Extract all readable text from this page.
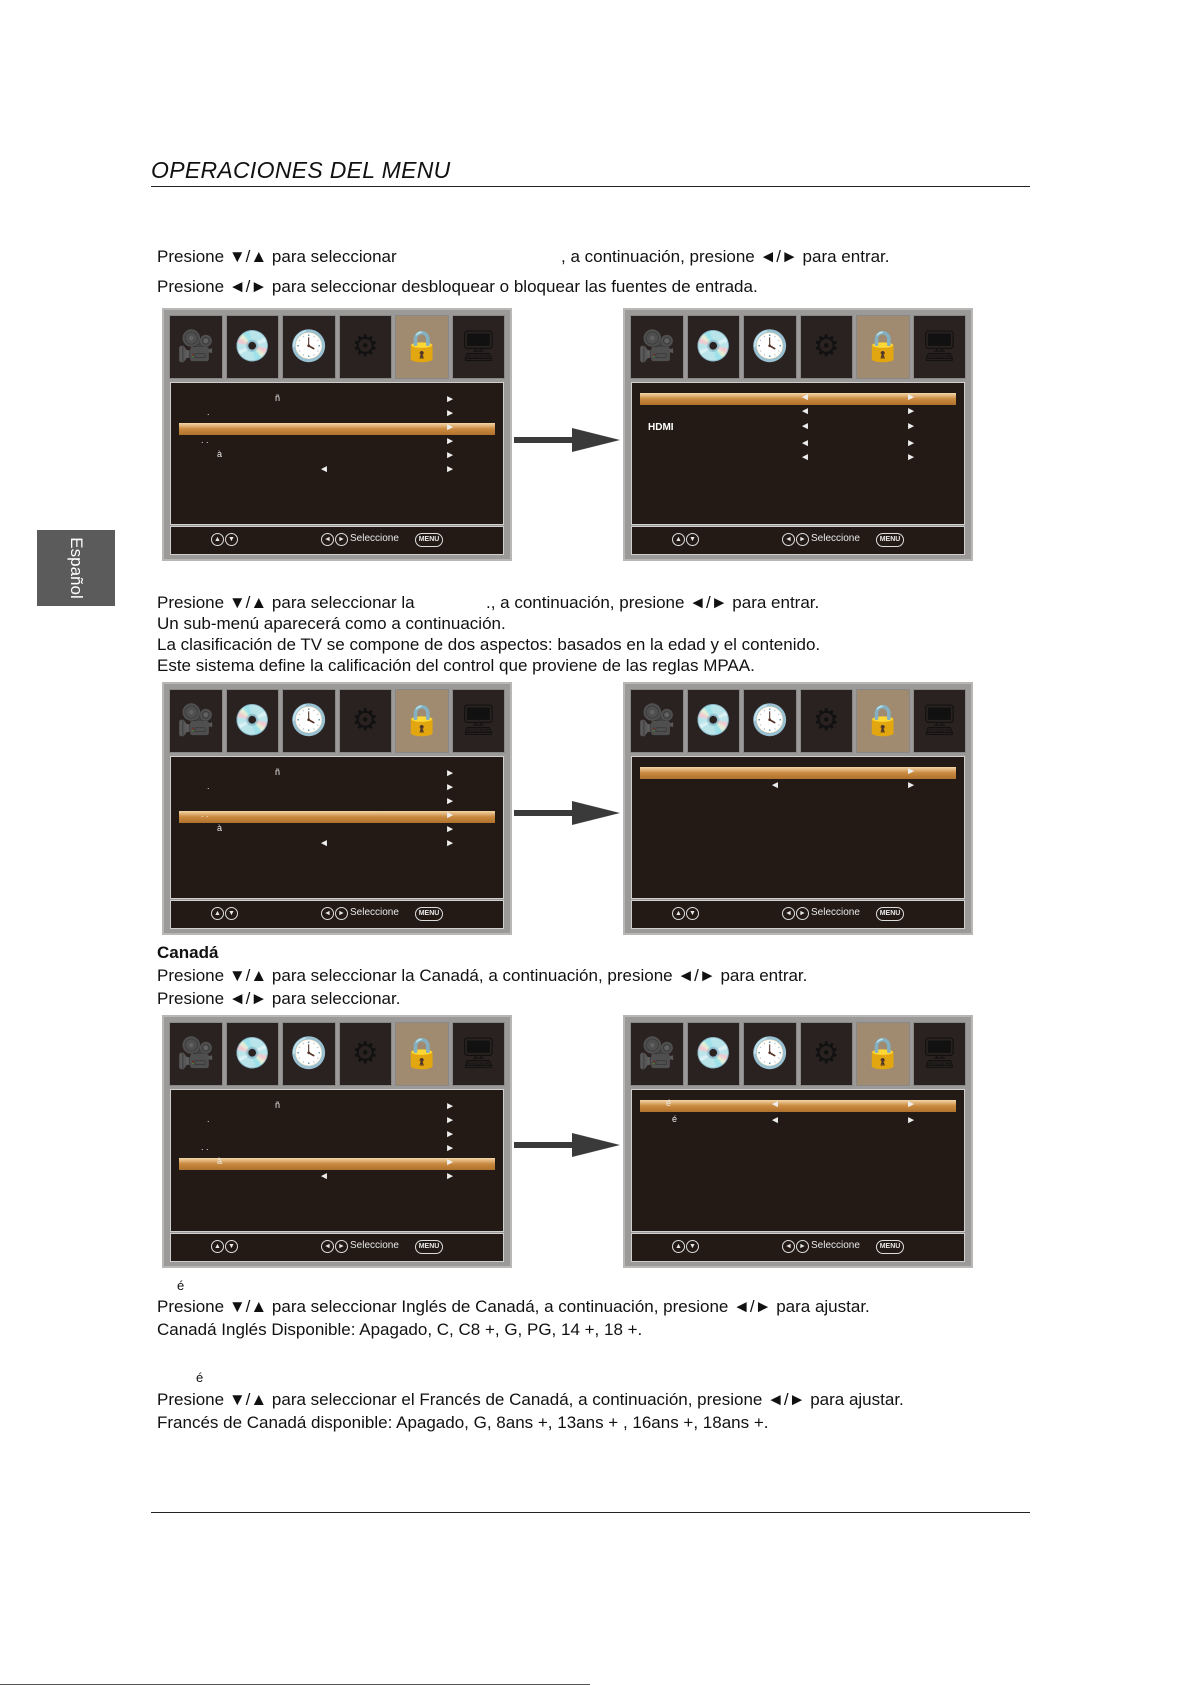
OPERACIONES DEL MENU
Español
Presione ▼/▲ para seleccionar	, a continuación, presione ◄/► para entrar.
Presione ◄/► para seleccionar desbloquear o bloquear las fuentes de entrada.
🎥 💿 🕓 ⚙ 🔒 🖥
►
ñ
►
.
►
►
. .
►
à
►
◄
▲	▼	◄	► Seleccione	MENU
🎥 💿 🕓 ⚙ 🔒 🖥
►
◄
►
◄
►
◄
HDMI
►
◄
►
◄
▲	▼	◄	► Seleccione	MENU
🎥 💿 🕓 ⚙ 🔒 🖥
►
ñ
►
.
►
►
. .
►
à
►
◄
▲	▼	◄	► Seleccione	MENU
🎥 💿 🕓 ⚙ 🔒 🖥
►
►
◄
▲	▼	◄	► Seleccione	MENU
🎥 💿 🕓 ⚙ 🔒 🖥
►
ñ
►
.
►
►
. .
►
à
►
◄
▲	▼	◄	► Seleccione	MENU
🎥 💿 🕓 ⚙ 🔒 🖥
►
◄
é
►
◄
é
▲	▼	◄	► Seleccione	MENU
Presione ▼/▲ para seleccionar la	., a continuación, presione ◄/► para entrar.
Un sub-menú aparecerá como a continuación.
La clasificación de TV se compone de dos aspectos: basados en la edad y el contenido.
Este sistema define la calificación del control que proviene de las reglas MPAA.
Canadá
Presione ▼/▲ para seleccionar la Canadá, a continuación, presione ◄/► para entrar.
Presione ◄/► para seleccionar.
é
Presione ▼/▲ para seleccionar Inglés de Canadá, a continuación, presione ◄/► para ajustar.
Canadá Inglés Disponible: Apagado, C, C8 +, G, PG, 14 +, 18 +.
é
Presione ▼/▲ para seleccionar el Francés de Canadá, a continuación, presione ◄/► para ajustar.
Francés de Canadá disponible: Apagado, G, 8ans +, 13ans + , 16ans +, 18ans +.
